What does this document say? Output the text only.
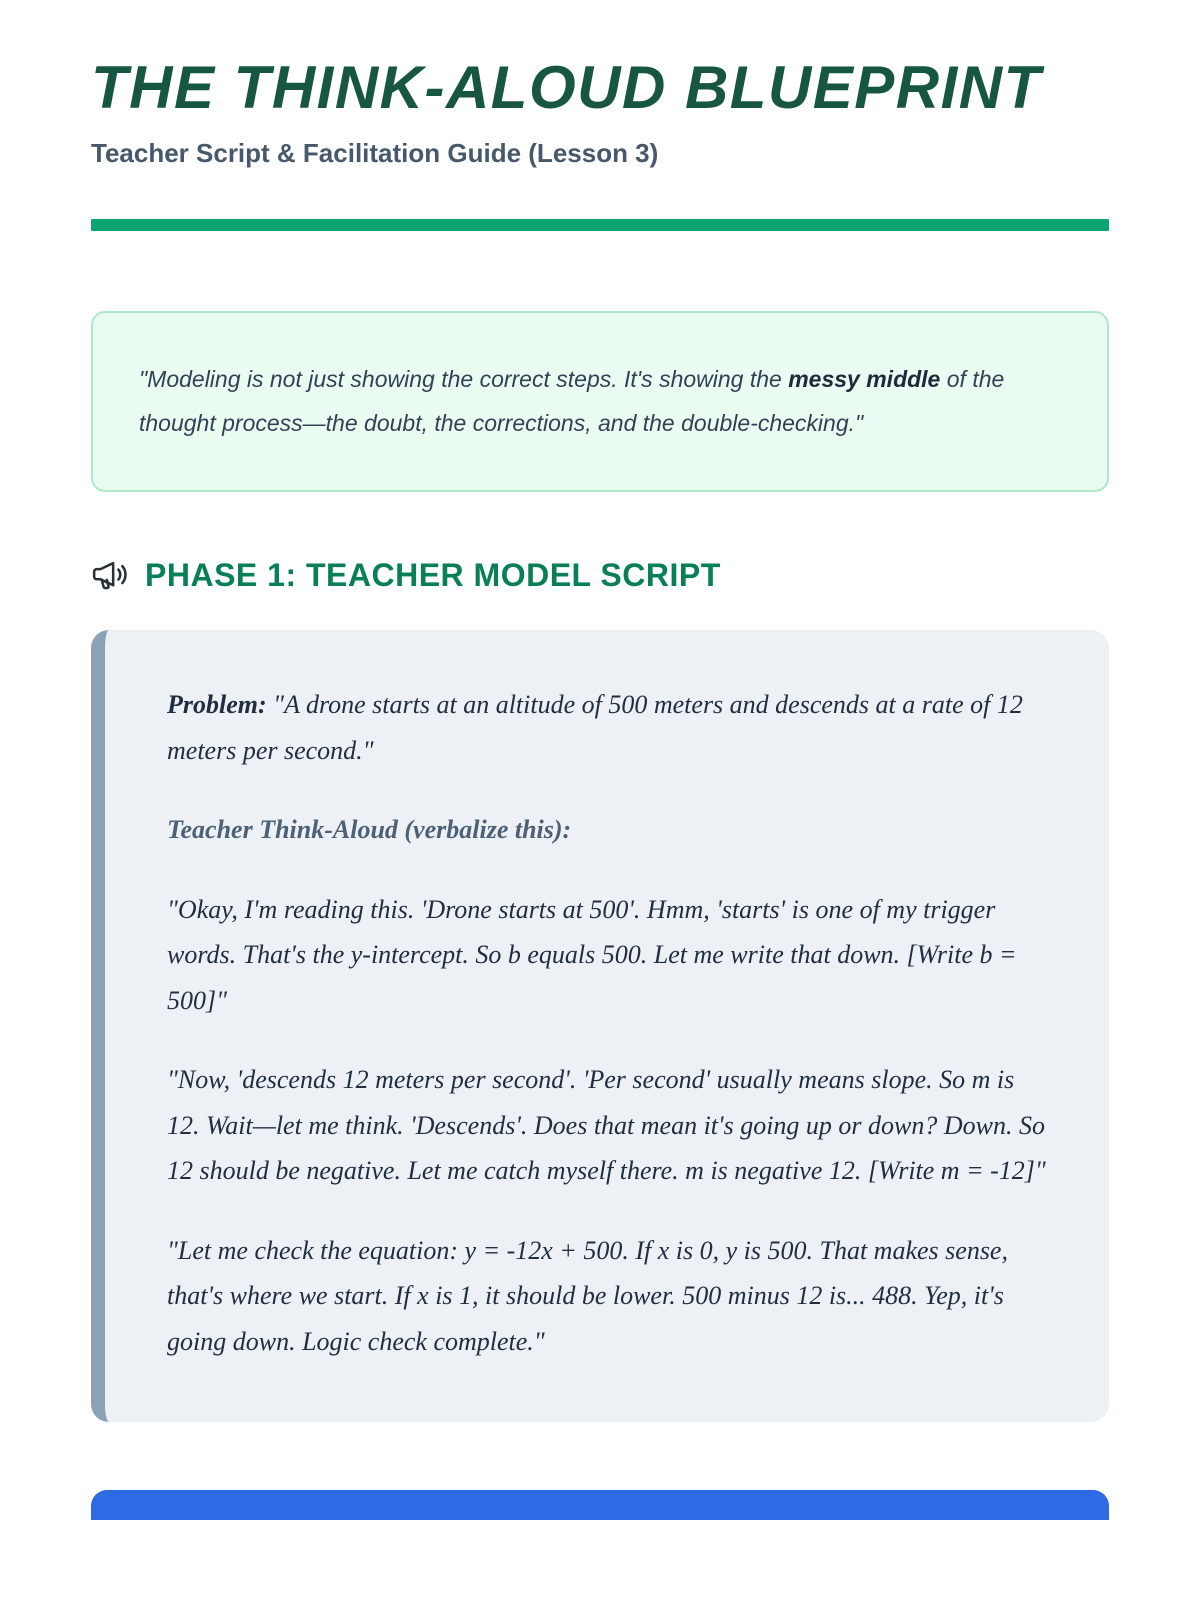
THE THINK-ALOUD BLUEPRINT
Teacher Script & Facilitation Guide (Lesson 3)

"Modeling is not just showing the correct steps. It's showing the messy middle of the thought process—the doubt, the corrections, and the double-checking."

PHASE 1: TEACHER MODEL SCRIPT

Problem: "A drone starts at an altitude of 500 meters and descends at a rate of 12 meters per second."

Teacher Think-Aloud (verbalize this):

"Okay, I'm reading this. 'Drone starts at 500'. Hmm, 'starts' is one of my trigger words. That's the y-intercept. So b equals 500. Let me write that down. [Write b = 500]"

"Now, 'descends 12 meters per second'. 'Per second' usually means slope. So m is 12. Wait—let me think. 'Descends'. Does that mean it's going up or down? Down. So 12 should be negative. Let me catch myself there. m is negative 12. [Write m = -12]"

"Let me check the equation: y = -12x + 500. If x is 0, y is 500. That makes sense, that's where we start. If x is 1, it should be lower. 500 minus 12 is... 488. Yep, it's going down. Logic check complete."
